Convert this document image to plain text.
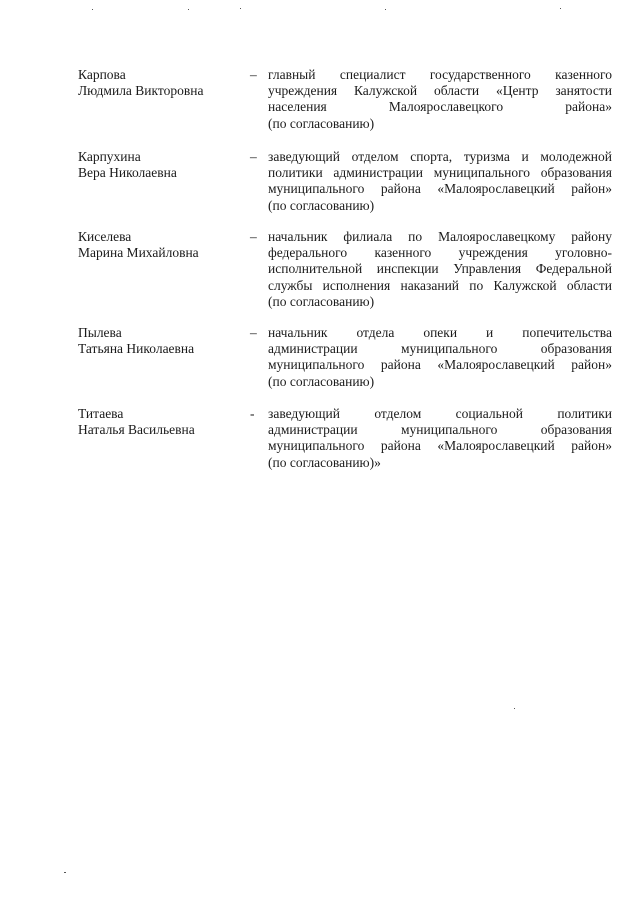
Карпова
Людмила Викторовна
– главный специалист государственного казенного
учреждения Калужской области «Центр занятости
населения Малоярославецкого района»
(по согласованию)
Карпухина
Вера Николаевна
– заведующий отделом спорта, туризма и молодежной
политики администрации муниципального образования
муниципального района «Малоярославецкий район»
(по согласованию)
Киселева
Марина Михайловна
– начальник филиала по Малоярославецкому району
федерального казенного учреждения уголовно-
исполнительной инспекции Управления Федеральной
службы исполнения наказаний по Калужской области
(по согласованию)
Пылева
Татьяна Николаевна
– начальник отдела опеки и попечительства
администрации муниципального образования
муниципального района «Малоярославецкий район»
(по согласованию)
Титаева
Наталья Васильевна
- заведующий отделом социальной политики
администрации муниципального образования
муниципального района «Малоярославецкий район»
(по согласованию)»
